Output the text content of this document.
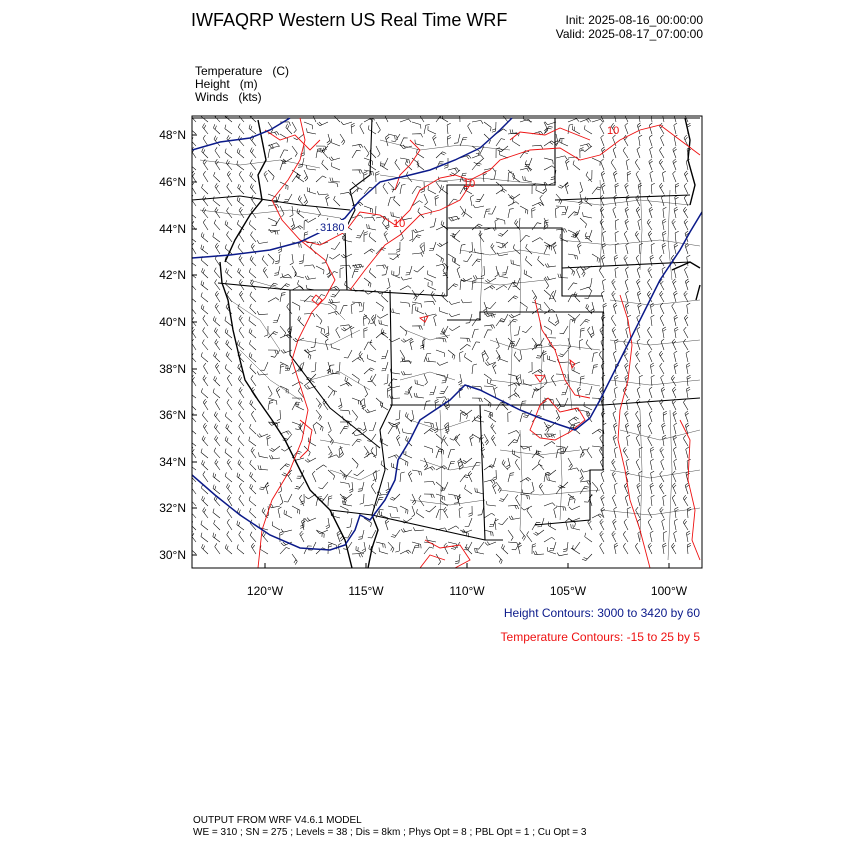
IWFAQRP Western US Real Time WRF	Init: 2025-08-16_00:00:00
Valid: 2025-08-17_07:00:00
Temperature   (C)
Height   (m)
Winds   (kts)
3180
10
10
10
48°N
46°N
44°N
42°N
40°N
38°N
36°N
34°N
32°N
30°N
120°W	115°W	110°W	105°W	100°W
Height Contours: 3000 to 3420 by 60
Temperature Contours: -15 to 25 by 5
OUTPUT FROM WRF V4.6.1 MODEL
WE = 310 ; SN = 275 ; Levels = 38 ; Dis = 8km ; Phys Opt = 8 ; PBL Opt = 1 ; Cu Opt = 3
